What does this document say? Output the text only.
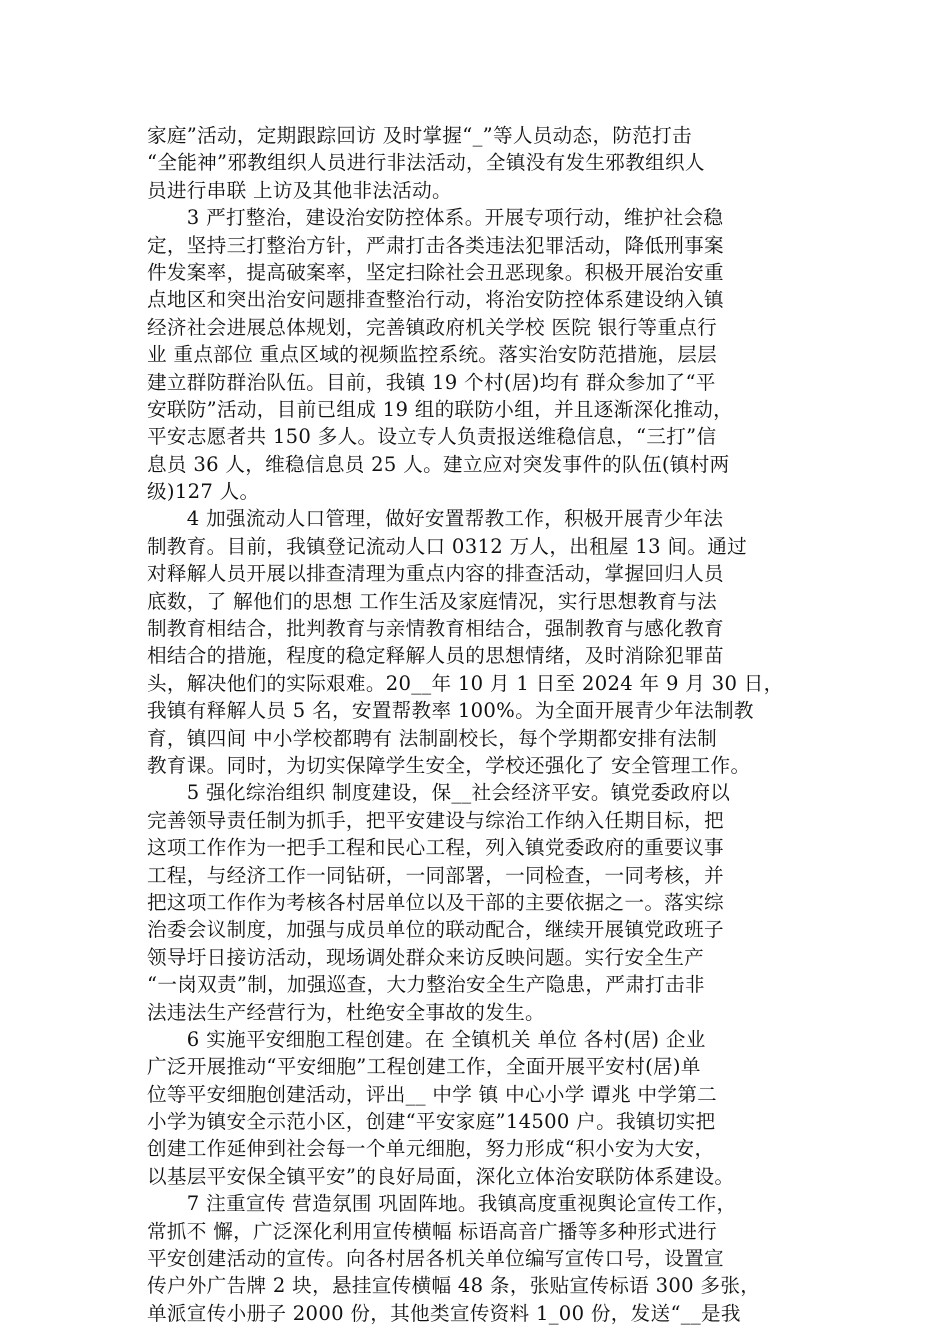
家庭”活动，定期跟踪回访 及时掌握“_”等人员动态，防范打击
“全能神”邪教组织人员进行非法活动，全镇没有发生邪教组织人
员进行串联 上访及其他非法活动。
　　3 严打整治，建设治安防控体系。开展专项行动，维护社会稳
定，坚持三打整治方针，严肃打击各类违法犯罪活动，降低刑事案
件发案率，提高破案率，坚定扫除社会丑恶现象。积极开展治安重
点地区和突出治安问题排查整治行动，将治安防控体系建设纳入镇
经济社会进展总体规划，完善镇政府机关学校 医院 银行等重点行
业 重点部位 重点区域的视频监控系统。落实治安防范措施，层层
建立群防群治队伍。目前，我镇 19 个村(居)均有 群众参加了“平
安联防”活动，目前已组成 19 组的联防小组，并且逐渐深化推动，
平安志愿者共 150 多人。设立专人负责报送维稳信息，“三打”信
息员 36 人，维稳信息员 25 人。建立应对突发事件的队伍(镇村两
级)127 人。
　　4 加强流动人口管理，做好安置帮教工作，积极开展青少年法
制教育。目前，我镇登记流动人口 0312 万人，出租屋 13 间。通过
对释解人员开展以排查清理为重点内容的排查活动，掌握回归人员
底数，了 解他们的思想 工作生活及家庭情况，实行思想教育与法
制教育相结合，批判教育与亲情教育相结合，强制教育与感化教育
相结合的措施，程度的稳定释解人员的思想情绪，及时消除犯罪苗
头，解决他们的实际艰难。20__年 10 月 1 日至 2024 年 9 月 30 日，
我镇有释解人员 5 名，安置帮教率 100%。为全面开展青少年法制教
育，镇四间 中小学校都聘有 法制副校长，每个学期都安排有法制
教育课。同时，为切实保障学生安全，学校还强化了 安全管理工作。
　　5 强化综治组织 制度建设，保__社会经济平安。镇党委政府以
完善领导责任制为抓手，把平安建设与综治工作纳入任期目标，把
这项工作作为一把手工程和民心工程，列入镇党委政府的重要议事
工程，与经济工作一同钻研，一同部署，一同检查，一同考核，并
把这项工作作为考核各村居单位以及干部的主要依据之一。落实综
治委会议制度，加强与成员单位的联动配合，继续开展镇党政班子
领导圩日接访活动，现场调处群众来访反映问题。实行安全生产
“一岗双责”制，加强巡查，大力整治安全生产隐患，严肃打击非
法违法生产经营行为，杜绝安全事故的发生。
　　6 实施平安细胞工程创建。在 全镇机关 单位 各村(居) 企业
广泛开展推动“平安细胞”工程创建工作，全面开展平安村(居)单
位等平安细胞创建活动，评出__ 中学 镇 中心小学 谭兆 中学第二
小学为镇安全示范小区，创建“平安家庭”14500 户。我镇切实把
创建工作延伸到社会每一个单元细胞，努力形成“积小安为大安，
以基层平安保全镇平安”的良好局面，深化立体治安联防体系建设。
　　7 注重宣传 营造氛围 巩固阵地。我镇高度重视舆论宣传工作，
常抓不 懈，广泛深化利用宣传横幅 标语高音广播等多种形式进行
平安创建活动的宣传。向各村居各机关单位编写宣传口号，设置宣
传户外广告牌 2 块，悬挂宣传横幅 48 条，张贴宣传标语 300 多张，
单派宣传小册子 2000 份，其他类宣传资料 1_00 份，发送“__是我
